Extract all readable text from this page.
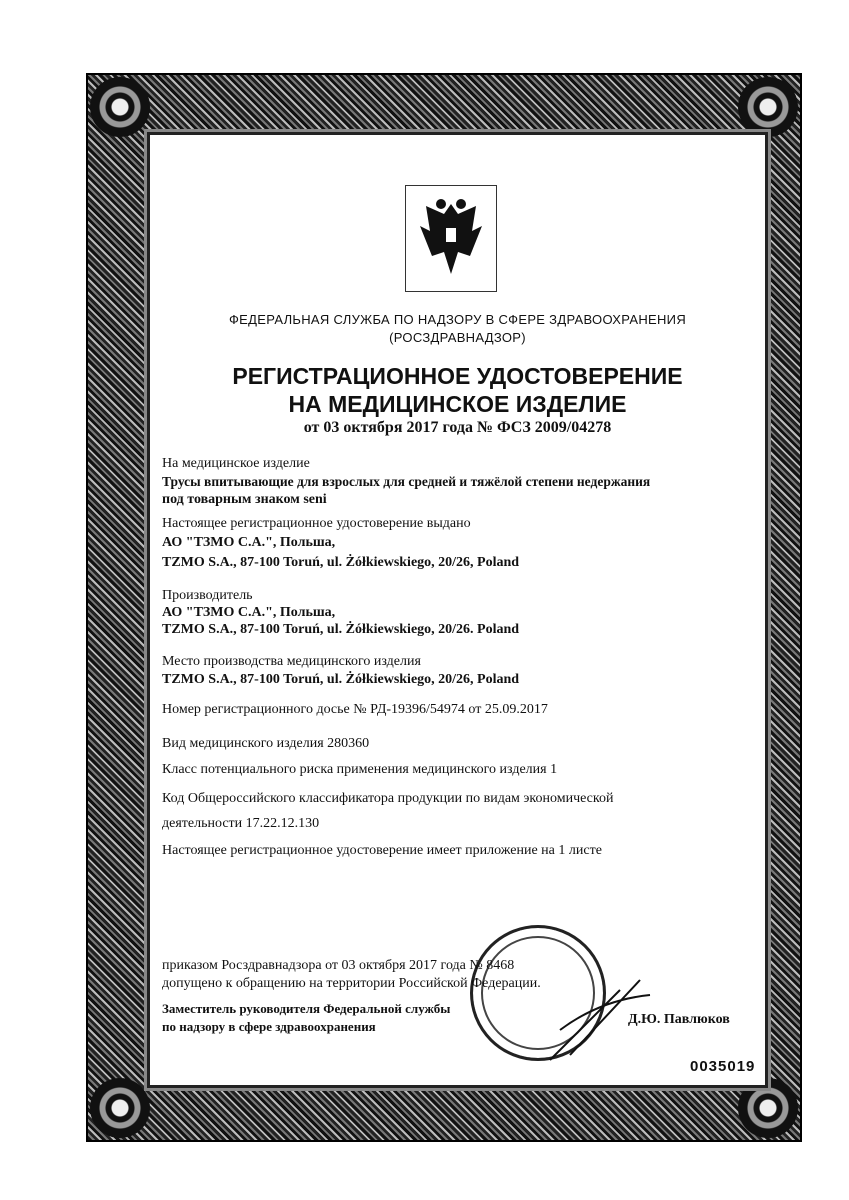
ФЕДЕРАЛЬНАЯ СЛУЖБА ПО НАДЗОРУ В СФЕРЕ ЗДРАВООХРАНЕНИЯ
(РОСЗДРАВНАДЗОР)
РЕГИСТРАЦИОННОЕ УДОСТОВЕРЕНИЕ
НА МЕДИЦИНСКОЕ ИЗДЕЛИЕ
от 03 октября 2017 года № ФСЗ 2009/04278
На медицинское изделие
Трусы впитывающие для взрослых для средней и тяжёлой степени недержания
под товарным знаком seni
Настоящее регистрационное удостоверение выдано
АО "ТЗМО С.А.", Польша,
TZMO S.A., 87-100 Toruń, ul. Żółkiewskiego, 20/26, Poland
Производитель
АО "ТЗМО С.А.", Польша,
TZMO S.A., 87-100 Toruń, ul. Żółkiewskiego, 20/26. Poland
Место производства медицинского изделия
TZMO S.A., 87-100 Toruń, ul. Żółkiewskiego, 20/26, Poland
Номер регистрационного досье № РД-19396/54974 от 25.09.2017
Вид медицинского изделия 280360
Класс потенциального риска применения медицинского изделия 1
Код Общероссийского классификатора продукции по видам экономической
деятельности 17.22.12.130
Настоящее регистрационное удостоверение имеет приложение на 1 листе
приказом Росздравнадзора от 03 октября 2017 года № 8468
допущено к обращению на территории Российской Федерации.
Заместитель руководителя Федеральной службы
по надзору в сфере здравоохранения	Д.Ю. Павлюков
0035019
